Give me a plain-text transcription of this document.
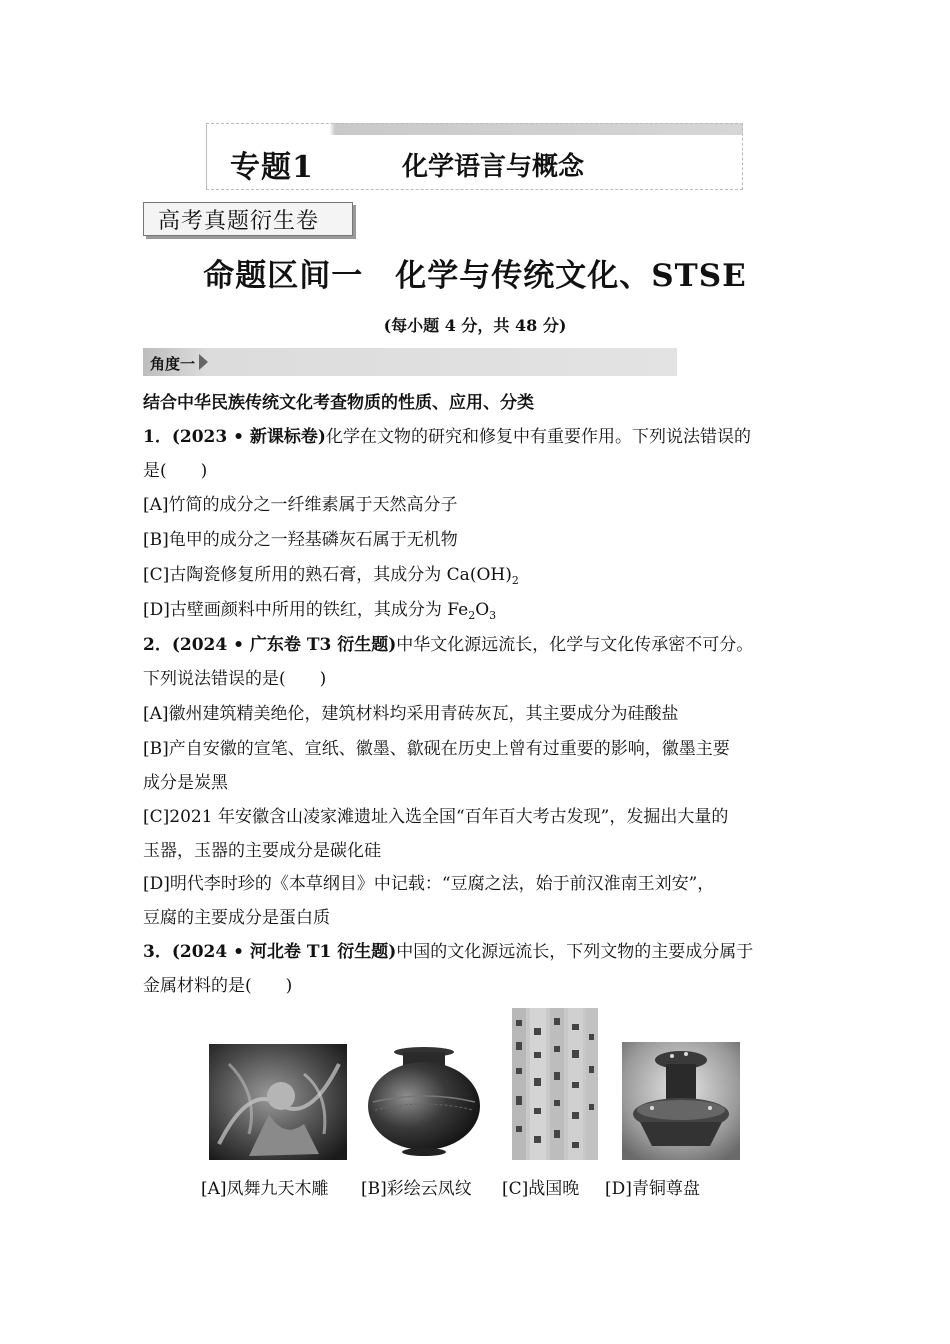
专题1	化学语言与概念
高考真题衍生卷
命题区间一　化学与传统文化、STSE
(每小题 4 分，共 48 分)
角度一
结合中华民族传统文化考查物质的性质、应用、分类
1．(2023 • 新课标卷)化学在文物的研究和修复中有重要作用。下列说法错误的
是(　　)
[A]竹简的成分之一纤维素属于天然高分子
[B]龟甲的成分之一羟基磷灰石属于无机物
[C]古陶瓷修复所用的熟石膏，其成分为 $Ca(OH)_2$
[D]古壁画颜料中所用的铁红，其成分为 $Fe_2O_3$
2．(2024 • 广东卷 T3 衍生题)中华文化源远流长，化学与文化传承密不可分。
下列说法错误的是(　　)
[A]徽州建筑精美绝伦，建筑材料均采用青砖灰瓦，其主要成分为硅酸盐
[B]产自安徽的宣笔、宣纸、徽墨、歙砚在历史上曾有过重要的影响，徽墨主要
成分是炭黑
[C]2021 年安徽含山凌家滩遗址入选全国“百年百大考古发现”，发掘出大量的
玉器，玉器的主要成分是碳化硅
[D]明代李时珍的《本草纲目》中记载：“豆腐之法，始于前汉淮南王刘安”，
豆腐的主要成分是蛋白质
3．(2024 • 河北卷 T1 衍生题)中国的文化源远流长，下列文物的主要成分属于
金属材料的是(　　)
[A]凤舞九天木雕 [B]彩绘云凤纹 [C]战国晚 [D]青铜尊盘
